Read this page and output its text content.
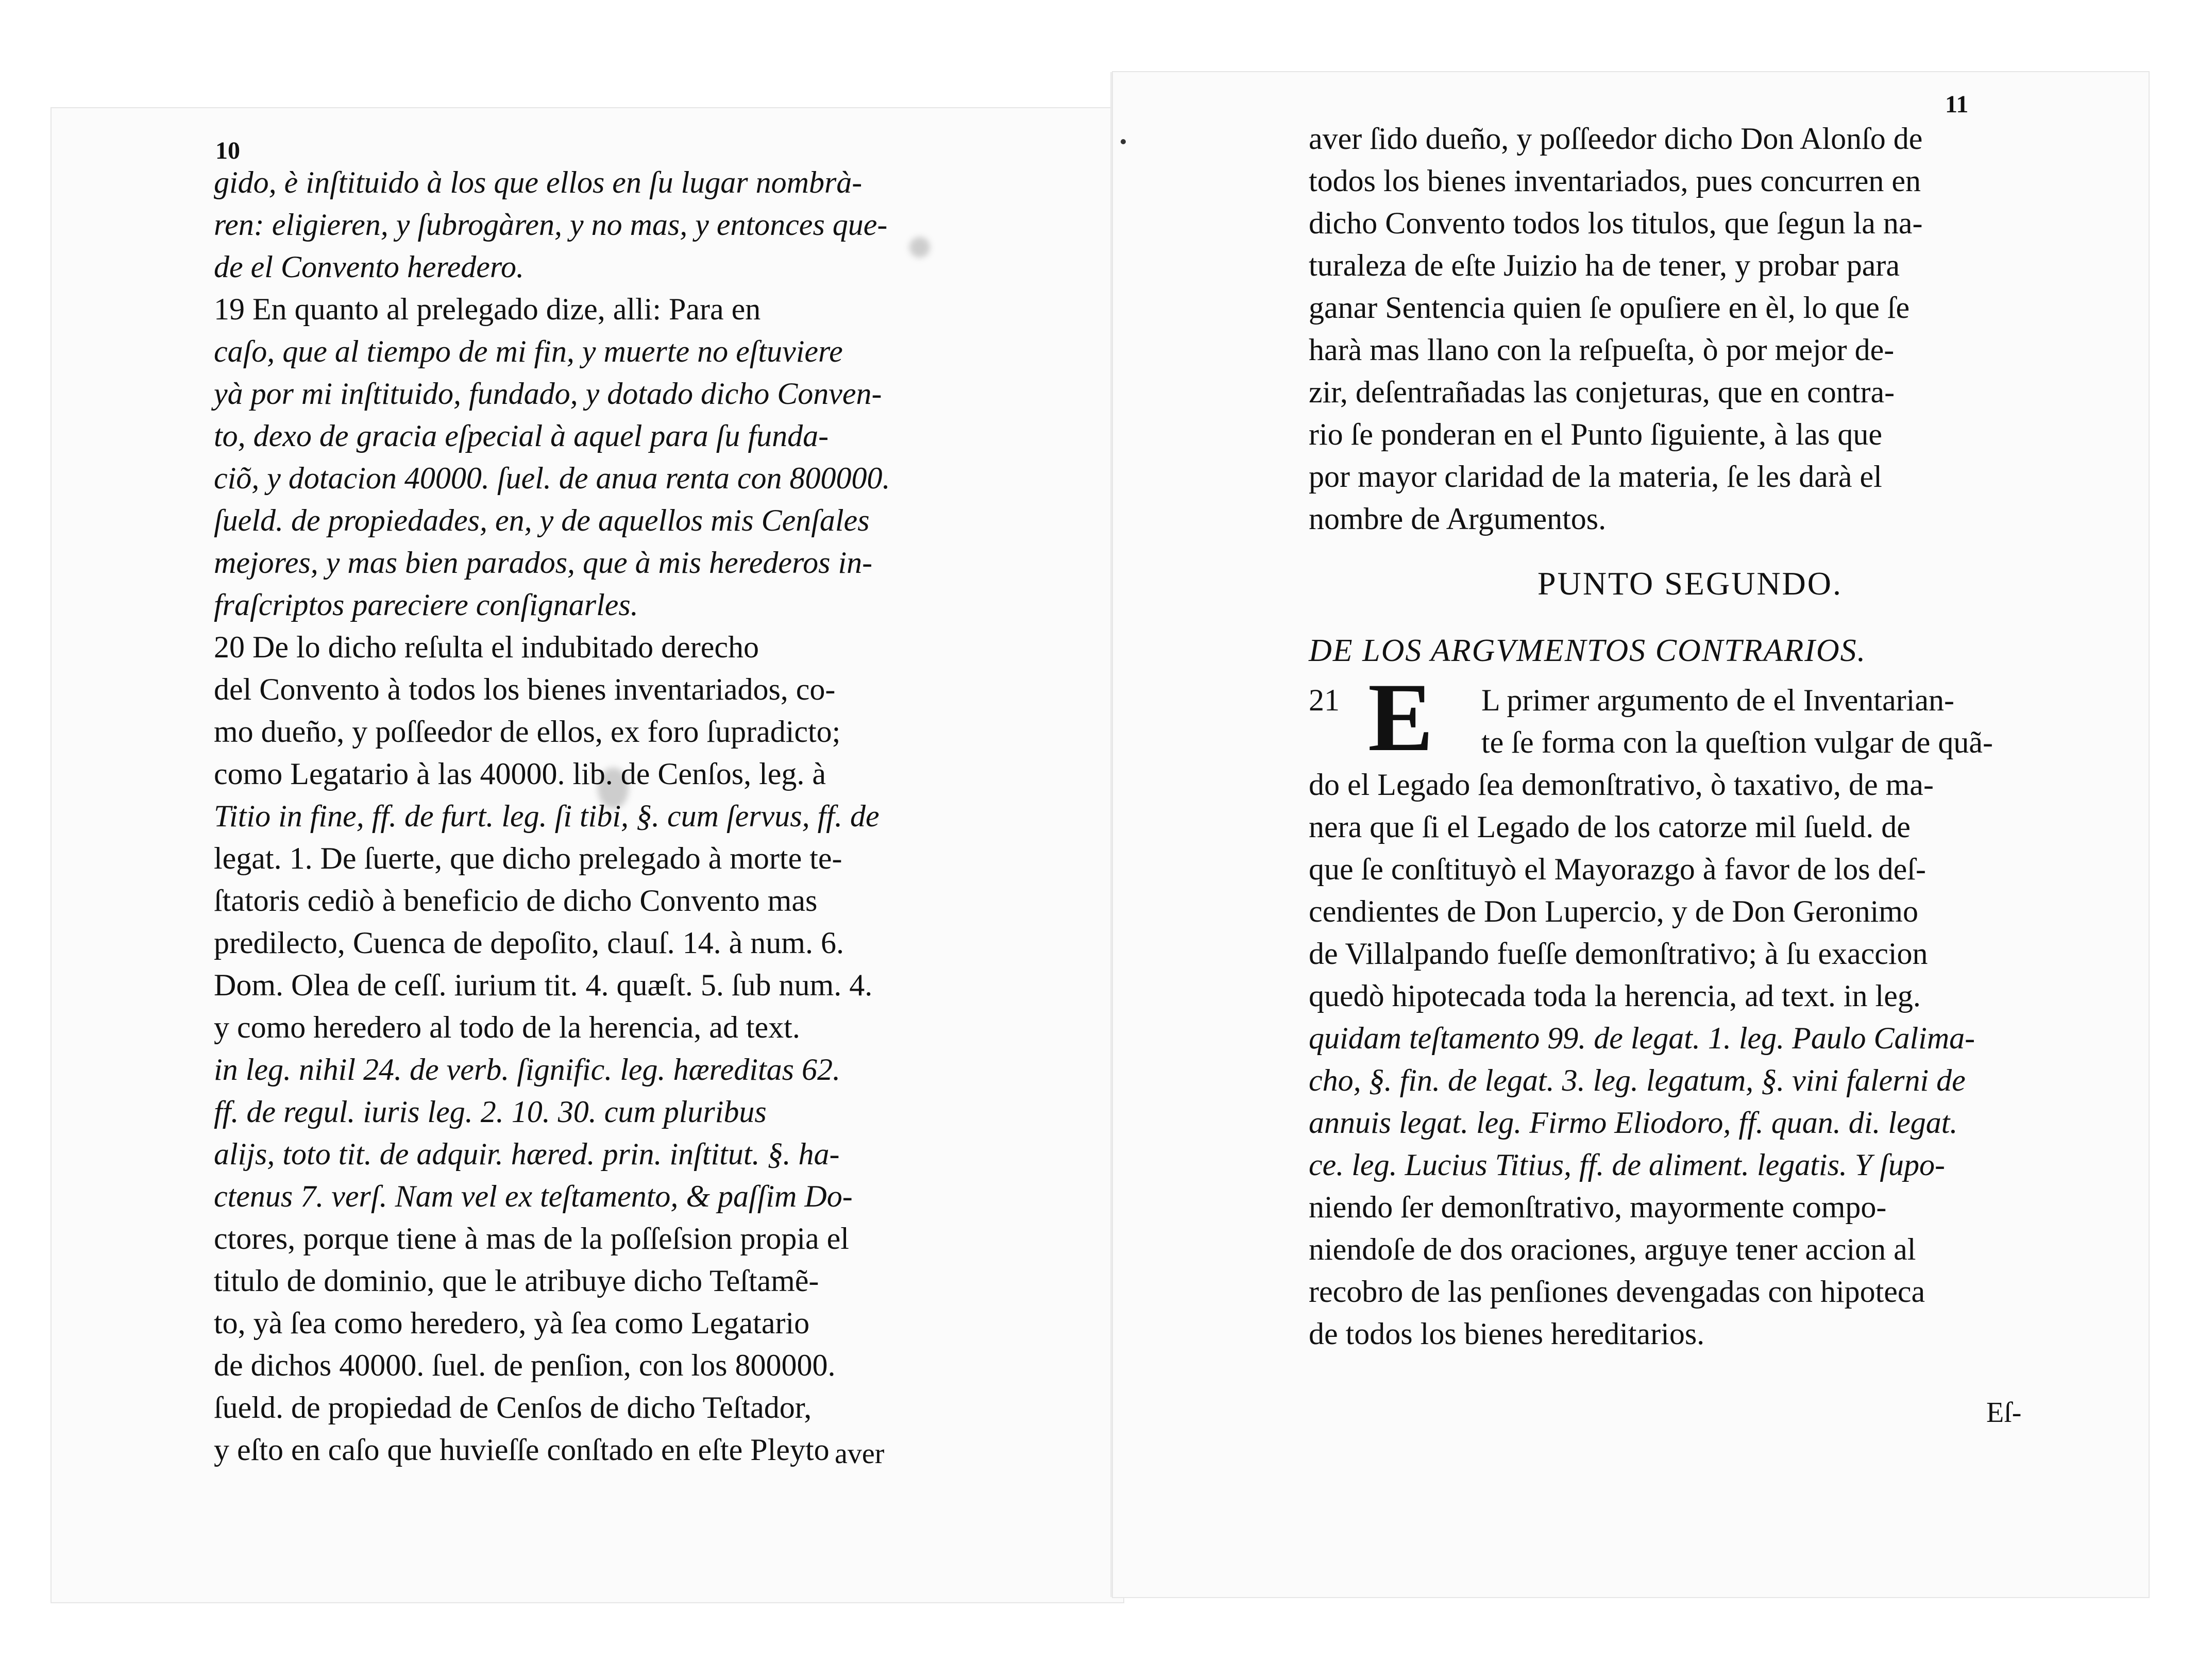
10
gido, è inſtituido à los que ellos en ſu lugar nombrà-
ren: eligieren, y ſubrogàren, y no mas, y entonces que-
de el Convento heredero.
19 En quanto al prelegado dize, alli: Para en
caſo, que al tiempo de mi fin, y muerte no eſtuviere
yà por mi inſtituido, fundado, y dotado dicho Conven-
to, dexo de gracia eſpecial à aquel para ſu funda-
ciõ, y dotacion 40000. ſuel. de anua renta con 800000.
ſueld. de propiedades, en, y de aquellos mis Cenſales
mejores, y mas bien parados, que à mis herederos in-
fraſcriptos pareciere conſignarles.
20 De lo dicho reſulta el indubitado derecho
del Convento à todos los bienes inventariados, co-
mo dueño, y poſſeedor de ellos, ex foro ſupradicto;
como Legatario à las 40000. lib. de Cenſos, leg. à
Titio in fine, ff. de furt. leg. ſi tibi, §. cum ſervus, ff. de
legat. 1. De ſuerte, que dicho prelegado à morte te-
ſtatoris cediò à beneficio de dicho Convento mas
predilecto, Cuenca de depoſito, clauſ. 14. à num. 6.
Dom. Olea de ceſſ. iurium tit. 4. quæſt. 5. ſub num. 4.
y como heredero al todo de la herencia, ad text.
in leg. nihil 24. de verb. ſignific. leg. hæreditas 62.
ff. de regul. iuris leg. 2. 10. 30. cum pluribus
alijs, toto tit. de adquir. hæred. prin. inſtitut. §. ha-
ctenus 7. verſ. Nam vel ex teſtamento, & paſſim Do-
ctores, porque tiene à mas de la poſſeſsion propia el
titulo de dominio, que le atribuye dicho Teſtamẽ-
to, yà ſea como heredero, yà ſea como Legatario
de dichos 40000. ſuel. de penſion, con los 800000.
ſueld. de propiedad de Cenſos de dicho Teſtador,
y eſto en caſo que huvieſſe conſtado en eſte Pleyto aver
11
aver ſido dueño, y poſſeedor dicho Don Alonſo de
todos los bienes inventariados, pues concurren en
dicho Convento todos los titulos, que ſegun la na-
turaleza de eſte Juizio ha de tener, y probar para
ganar Sentencia quien ſe opuſiere en èl, lo que ſe
harà mas llano con la reſpueſta, ò por mejor de-
zir, deſentrañadas las conjeturas, que en contra-
rio ſe ponderan en el Punto ſiguiente, à las que
por mayor claridad de la materia, ſe les darà el
nombre de Argumentos.
PUNTO SEGUNDO.
DE LOS ARGVMENTOS CONTRARIOS.
21 E L primer argumento de el Inventarian-
te ſe forma con la queſtion vulgar de quã-
do el Legado ſea demonſtrativo, ò taxativo, de ma-
nera que ſi el Legado de los catorze mil ſueld. de
que ſe conſtituyò el Mayorazgo à favor de los deſ-
cendientes de Don Lupercio, y de Don Geronimo
de Villalpando fueſſe demonſtrativo; à ſu exaccion
quedò hipotecada toda la herencia, ad text. in leg.
quidam teſtamento 99. de legat. 1. leg. Paulo Calima-
cho, §. fin. de legat. 3. leg. legatum, §. vini falerni de
annuis legat. leg. Firmo Eliodoro, ff. quan. di. legat.
ce. leg. Lucius Titius, ff. de aliment. legatis. Y ſupo-
niendo ſer demonſtrativo, mayormente compo-
niendoſe de dos oraciones, arguye tener accion al
recobro de las penſiones devengadas con hipoteca
de todos los bienes hereditarios.
Eſ-
